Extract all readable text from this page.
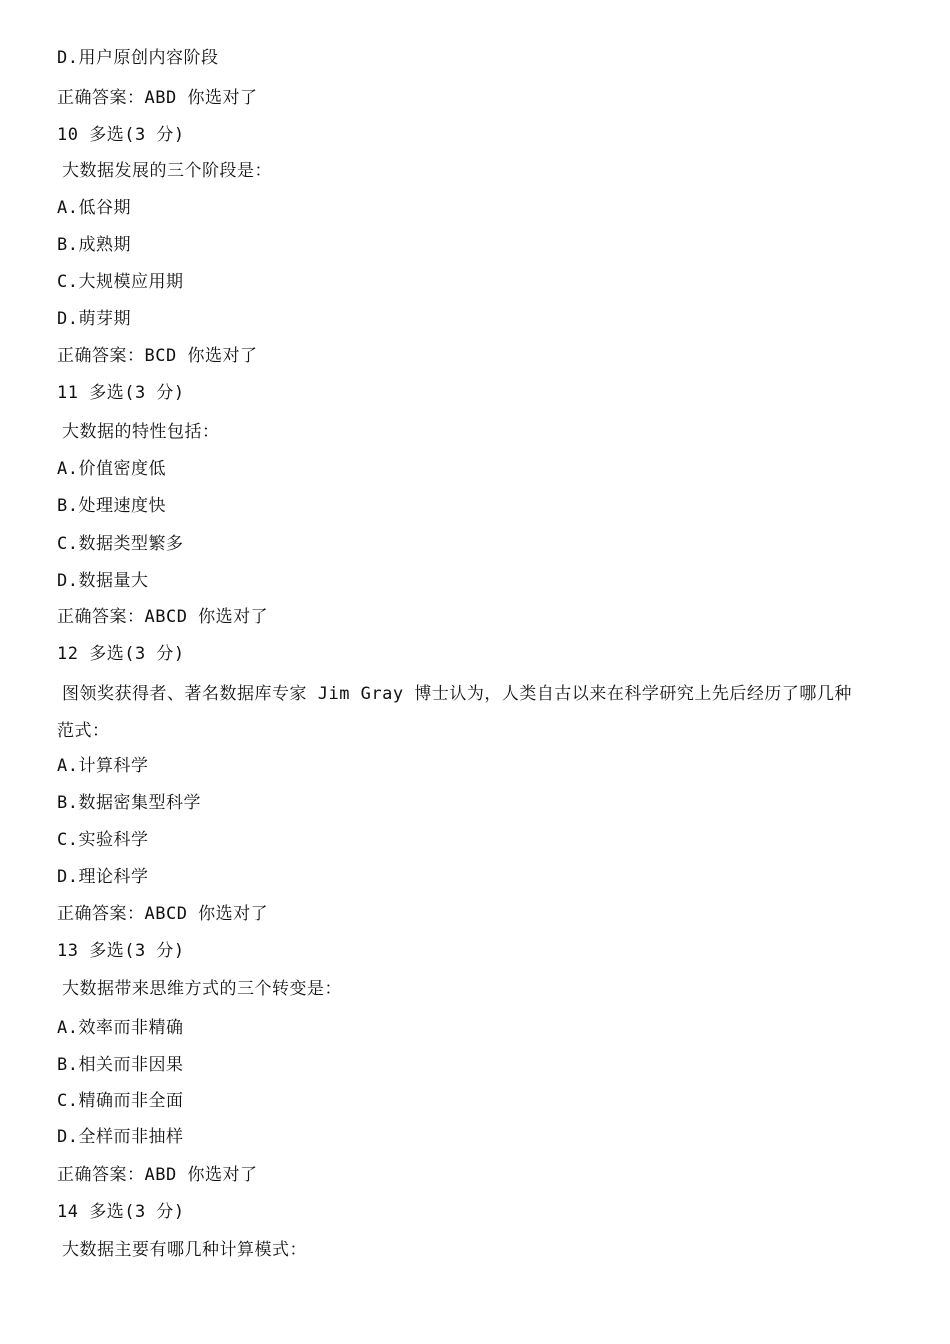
D.用户原创内容阶段
正确答案：ABD 你选对了
10 多选(3 分)
大数据发展的三个阶段是：
A.低谷期
B.成熟期
C.大规模应用期
D.萌芽期
正确答案：BCD 你选对了
11 多选(3 分)
大数据的特性包括：
A.价值密度低
B.处理速度快
C.数据类型繁多
D.数据量大
正确答案：ABCD 你选对了
12 多选(3 分)
图领奖获得者、著名数据库专家 Jim Gray 博士认为，人类自古以来在科学研究上先后经历了哪几种
范式：
A.计算科学
B.数据密集型科学
C.实验科学
D.理论科学
正确答案：ABCD 你选对了
13 多选(3 分)
大数据带来思维方式的三个转变是：
A.效率而非精确
B.相关而非因果
C.精确而非全面
D.全样而非抽样
正确答案：ABD 你选对了
14 多选(3 分)
大数据主要有哪几种计算模式：
